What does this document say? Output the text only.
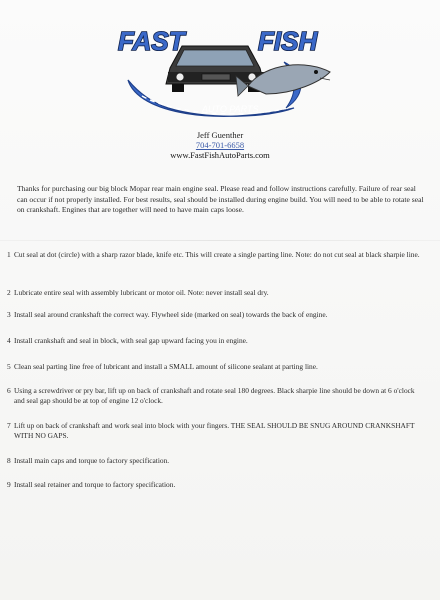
FAST	FISH
AUTO PARTS
Jeff Guenther
704-701-6658
www.FastFishAutoParts.com
Thanks for purchasing our big block Mopar rear main engine seal. Please read and follow instructions carefully. Failure of rear seal can occur if not properly installed. For best results, seal should be installed during engine build. You will need to be able to rotate seal on crankshaft. Engines that are together will need to have main caps loose.
1 Cut seal at dot (circle) with a sharp razor blade, knife etc. This will create a single parting line. Note: do not cut seal at black sharpie line.
2 Lubricate entire seal with assembly lubricant or motor oil. Note: never install seal dry.
3 Install seal around crankshaft the correct way. Flywheel side (marked on seal) towards the back of engine.
4 Install crankshaft and seal in block, with seal gap upward facing you in engine.
5 Clean seal parting line free of lubricant and install a SMALL amount of silicone sealant at parting line.
6 Using a screwdriver or pry bar, lift up on back of crankshaft and rotate seal 180 degrees. Black sharpie line should be down at 6 o'clock and seal gap should be at top of engine 12 o'clock.
7 Lift up on back of crankshaft and work seal into block with your fingers. THE SEAL SHOULD BE SNUG AROUND CRANKSHAFT WITH NO GAPS.
8 Install main caps and torque to factory specification.
9 Install seal retainer and torque to factory specification.
